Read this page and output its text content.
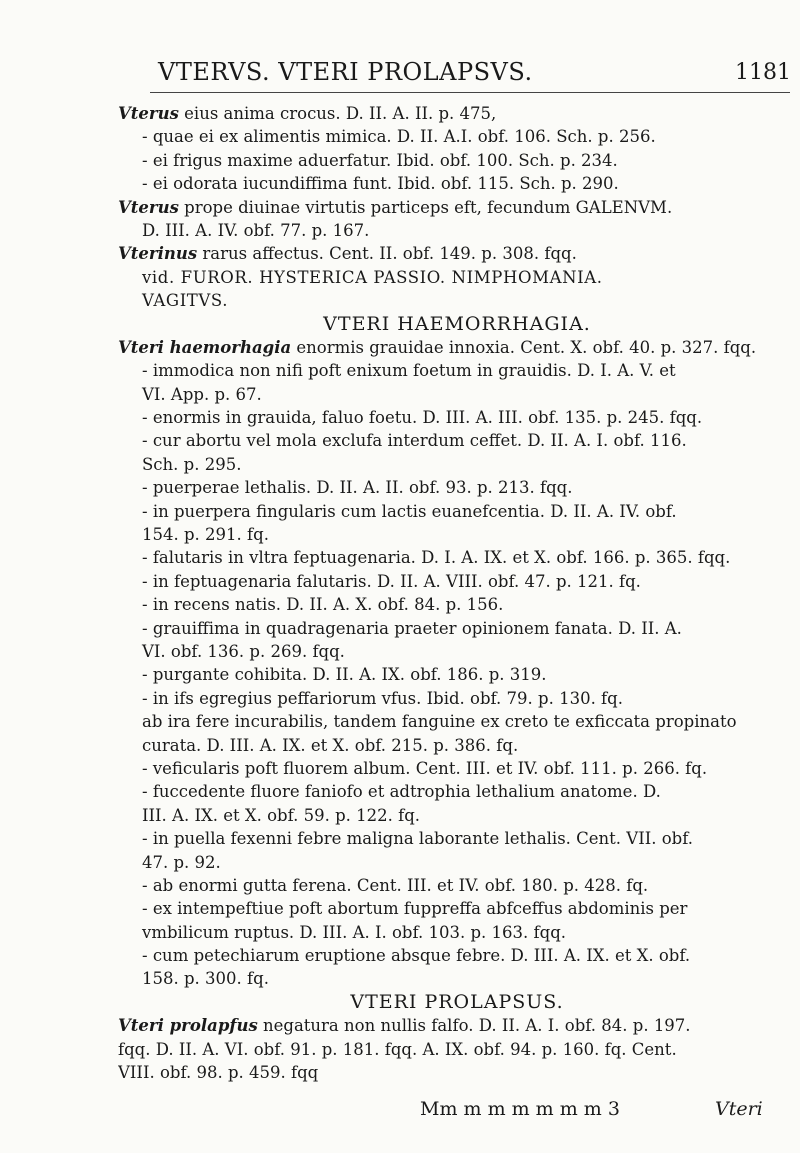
VTERVS. VTERI PROLAPSVS.	1181
Vterus eius anima crocus. D. II. A. II. p. 475,
- quae ei ex alimentis mimica. D. II. A.I. obf. 106. Sch. p. 256.
- ei frigus maxime aduerfatur. Ibid. obf. 100. Sch. p. 234.
- ei odorata iucundiffima funt. Ibid. obf. 115. Sch. p. 290.
Vterus prope diuinae virtutis particeps eft, fecundum GALENVM.
D. III. A. IV. obf. 77. p. 167.
Vterinus rarus affectus. Cent. II. obf. 149. p. 308. fqq.
vid. FUROR. HYSTERICA PASSIO. NIMPHOMANIA.
VAGITVS.
VTERI HAEMORRHAGIA.
Vteri haemorhagia enormis grauidae innoxia. Cent. X. obf. 40. p. 327. fqq.
- immodica non nifi poft enixum foetum in grauidis. D. I. A. V. et
VI. App. p. 67.
- enormis in grauida, faluo foetu. D. III. A. III. obf. 135. p. 245. fqq.
- cur abortu vel mola exclufa interdum ceffet. D. II. A. I. obf. 116.
Sch. p. 295.
- puerperae lethalis. D. II. A. II. obf. 93. p. 213. fqq.
- in puerpera fingularis cum lactis euanefcentia. D. II. A. IV. obf.
154. p. 291. fq.
- falutaris in vltra feptuagenaria. D. I. A. IX. et X. obf. 166. p. 365. fqq.
- in feptuagenaria falutaris. D. II. A. VIII. obf. 47. p. 121. fq.
- in recens natis. D. II. A. X. obf. 84. p. 156.
- grauiffima in quadragenaria praeter opinionem fanata. D. II. A.
VI. obf. 136. p. 269. fqq.
- purgante cohibita. D. II. A. IX. obf. 186. p. 319.
- in ifs egregius peffariorum vfus. Ibid. obf. 79. p. 130. fq.
ab ira fere incurabilis, tandem fanguine ex creto te exficcata propinato
curata. D. III. A. IX. et X. obf. 215. p. 386. fq.
- veficularis poft fluorem album. Cent. III. et IV. obf. 111. p. 266. fq.
- fuccedente fluore faniofo et adtrophia lethalium anatome. D.
III. A. IX. et X. obf. 59. p. 122. fq.
- in puella fexenni febre maligna laborante lethalis. Cent. VII. obf.
47. p. 92.
- ab enormi gutta ferena. Cent. III. et IV. obf. 180. p. 428. fq.
- ex intempeftiue poft abortum fuppreffa abfceffus abdominis per
vmbilicum ruptus. D. III. A. I. obf. 103. p. 163. fqq.
- cum petechiarum eruptione absque febre. D. III. A. IX. et X. obf.
158. p. 300. fq.
VTERI PROLAPSUS.
Vteri prolapfus negatura non nullis falfo. D. II. A. I. obf. 84. p. 197.
fqq. D. II. A. VI. obf. 91. p. 181. fqq. A. IX. obf. 94. p. 160. fq. Cent.
VIII. obf. 98. p. 459. fqq
Mm m m m m m m 3	Vteri
